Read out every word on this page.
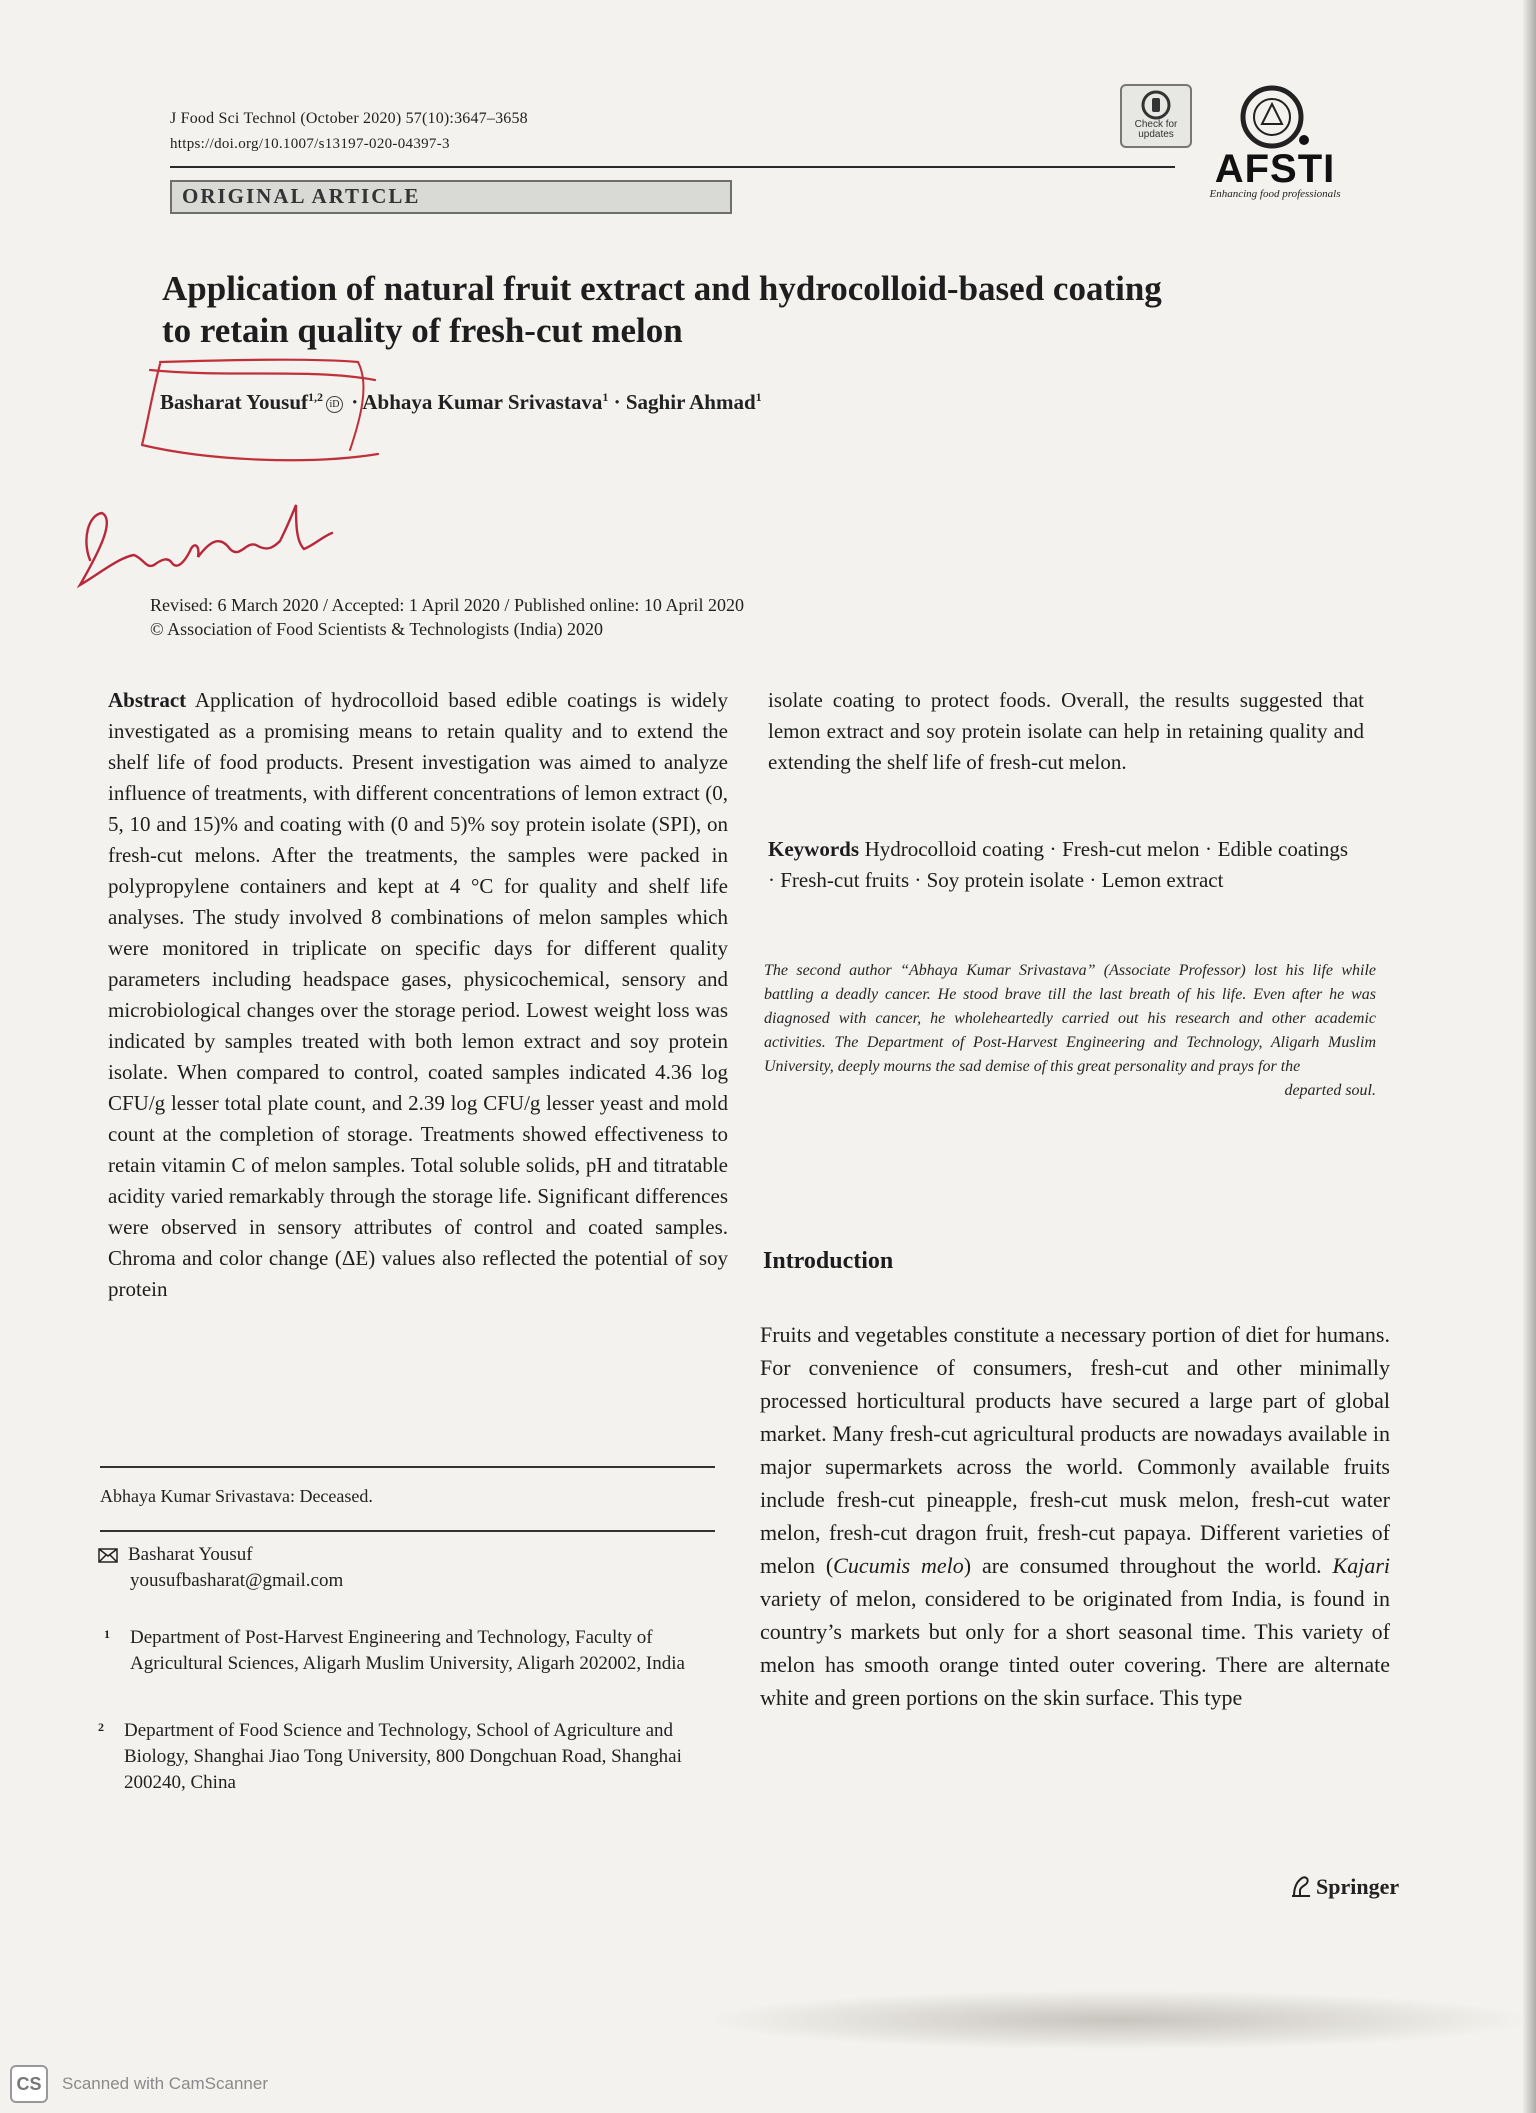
J Food Sci Technol (October 2020) 57(10):3647–3658
https://doi.org/10.1007/s13197-020-04397-3
ORIGINAL ARTICLE
Check for updates
AFSTI
Enhancing food professionals
Application of natural fruit extract and hydrocolloid-based coating to retain quality of fresh-cut melon
Basharat Yousuf$^{1,2}$iD · Abhaya Kumar Srivastava$^1$ · Saghir Ahmad$^1$
Basharat
Revised: 6 March 2020 / Accepted: 1 April 2020 / Published online: 10 April 2020
© Association of Food Scientists & Technologists (India) 2020
Abstract Application of hydrocolloid based edible coatings is widely investigated as a promising means to retain quality and to extend the shelf life of food products. Present investigation was aimed to analyze influence of treatments, with different concentrations of lemon extract (0, 5, 10 and 15)% and coating with (0 and 5)% soy protein isolate (SPI), on fresh-cut melons. After the treatments, the samples were packed in polypropylene containers and kept at 4 °C for quality and shelf life analyses. The study involved 8 combinations of melon samples which were monitored in triplicate on specific days for different quality parameters including headspace gases, physicochemical, sensory and microbiological changes over the storage period. Lowest weight loss was indicated by samples treated with both lemon extract and soy protein isolate. When compared to control, coated samples indicated 4.36 log CFU/g lesser total plate count, and 2.39 log CFU/g lesser yeast and mold count at the completion of storage. Treatments showed effectiveness to retain vitamin C of melon samples. Total soluble solids, pH and titratable acidity varied remarkably through the storage life. Significant differences were observed in sensory attributes of control and coated samples. Chroma and color change (ΔE) values also reflected the potential of soy protein
isolate coating to protect foods. Overall, the results suggested that lemon extract and soy protein isolate can help in retaining quality and extending the shelf life of fresh-cut melon.
Keywords Hydrocolloid coating · Fresh-cut melon · Edible coatings · Fresh-cut fruits · Soy protein isolate · Lemon extract
The second author “Abhaya Kumar Srivastava” (Associate Professor) lost his life while battling a deadly cancer. He stood brave till the last breath of his life. Even after he was diagnosed with cancer, he wholeheartedly carried out his research and other academic activities. The Department of Post-Harvest Engineering and Technology, Aligarh Muslim University, deeply mourns the sad demise of this great personality and prays for the
departed soul.
Introduction
Fruits and vegetables constitute a necessary portion of diet for humans. For convenience of consumers, fresh-cut and other minimally processed horticultural products have secured a large part of global market. Many fresh-cut agricultural products are nowadays available in major supermarkets across the world. Commonly available fruits include fresh-cut pineapple, fresh-cut musk melon, fresh-cut water melon, fresh-cut dragon fruit, fresh-cut papaya. Different varieties of melon (Cucumis melo) are consumed throughout the world. Kajari variety of melon, considered to be originated from India, is found in country’s markets but only for a short seasonal time. This variety of melon has smooth orange tinted outer covering. There are alternate white and green portions on the skin surface. This type
Abhaya Kumar Srivastava: Deceased.
Basharat Yousuf
yousufbasharat@gmail.com
1 Department of Post-Harvest Engineering and Technology, Faculty of Agricultural Sciences, Aligarh Muslim University, Aligarh 202002, India
2 Department of Food Science and Technology, School of Agriculture and Biology, Shanghai Jiao Tong University, 800 Dongchuan Road, Shanghai 200240, China
Springer
CS	Scanned with CamScanner
